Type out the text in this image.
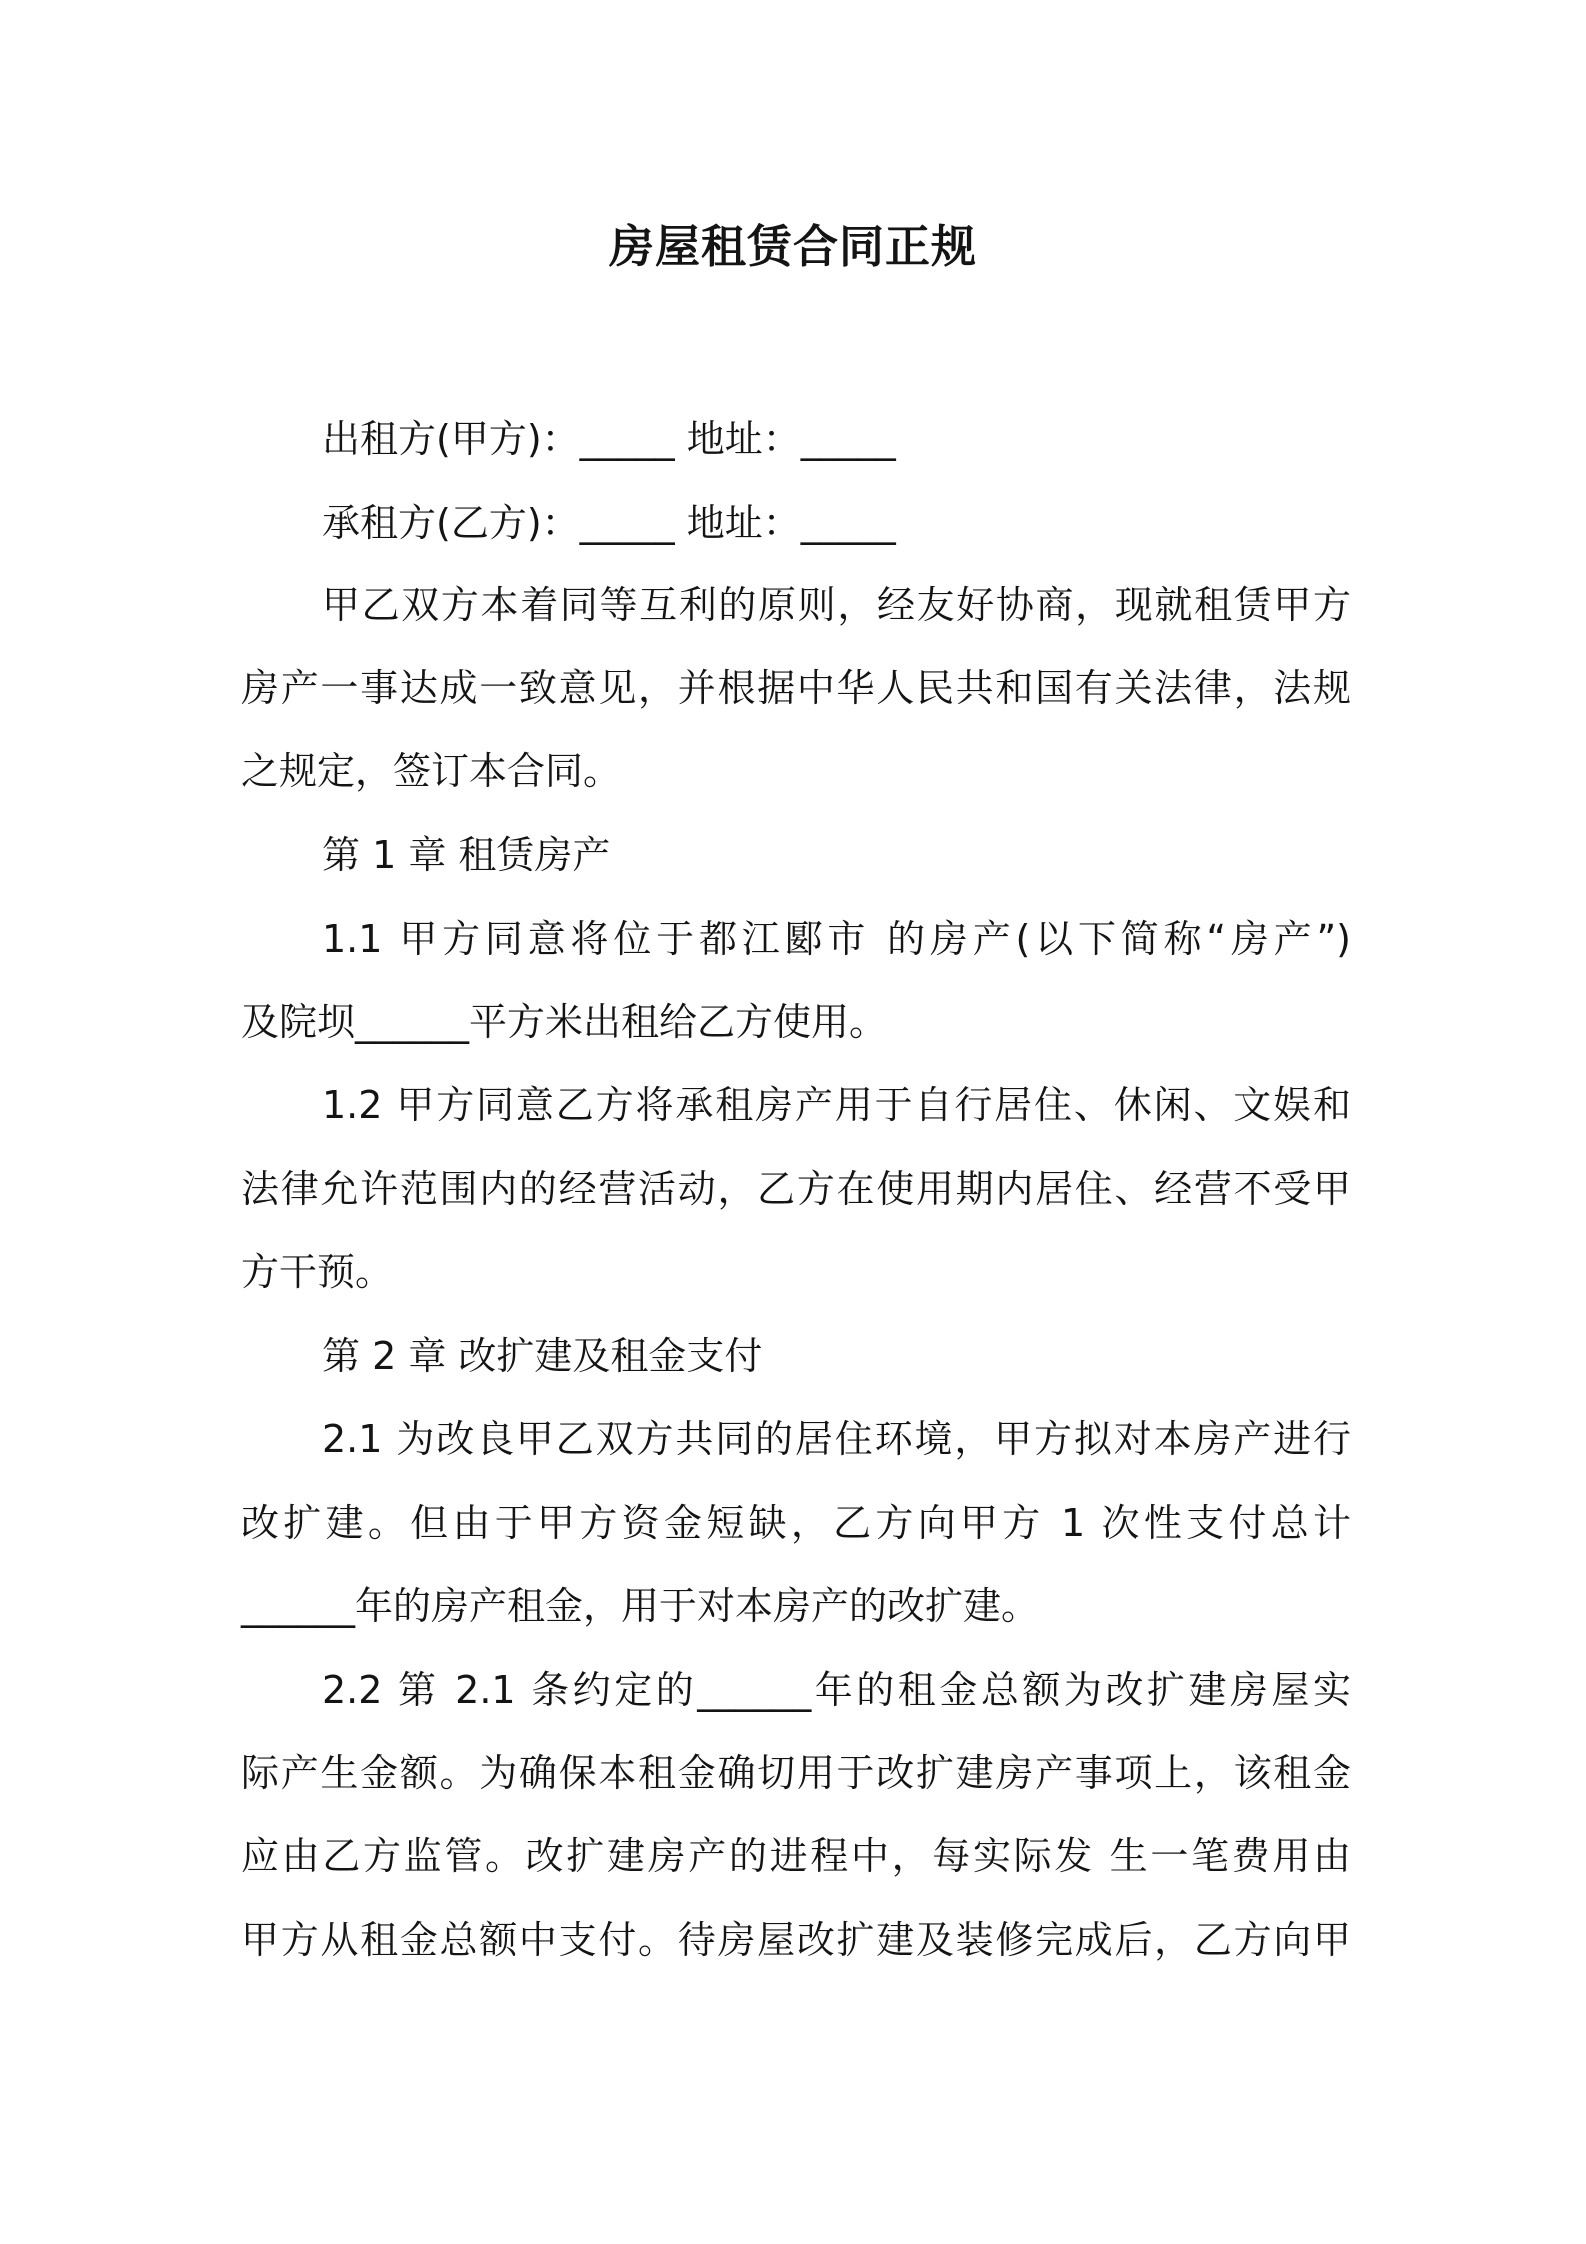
房屋租赁合同正规
出租方(甲方)：_____ 地址：_____
承租方(乙方)：_____ 地址：_____
甲乙双方本着同等互利的原则，经友好协商，现就租赁甲方
房产一事达成一致意见，并根据中华人民共和国有关法律，法规
之规定，签订本合同。
第 1 章 租赁房产
1.1 甲方同意将位于都江郾市 的房产(以下简称“房产”)
及院坝______平方米出租给乙方使用。
1.2 甲方同意乙方将承租房产用于自行居住、休闲、文娱和
法律允许范围内的经营活动，乙方在使用期内居住、经营不受甲
方干预。
第 2 章 改扩建及租金支付
2.1 为改良甲乙双方共同的居住环境，甲方拟对本房产进行
改扩建。但由于甲方资金短缺，乙方向甲方 1 次性支付总计
______年的房产租金，用于对本房产的改扩建。
2.2 第 2.1 条约定的______年的租金总额为改扩建房屋实
际产生金额。为确保本租金确切用于改扩建房产事项上，该租金
应由乙方监管。改扩建房产的进程中，每实际发 生一笔费用由
甲方从租金总额中支付。待房屋改扩建及装修完成后，乙方向甲
